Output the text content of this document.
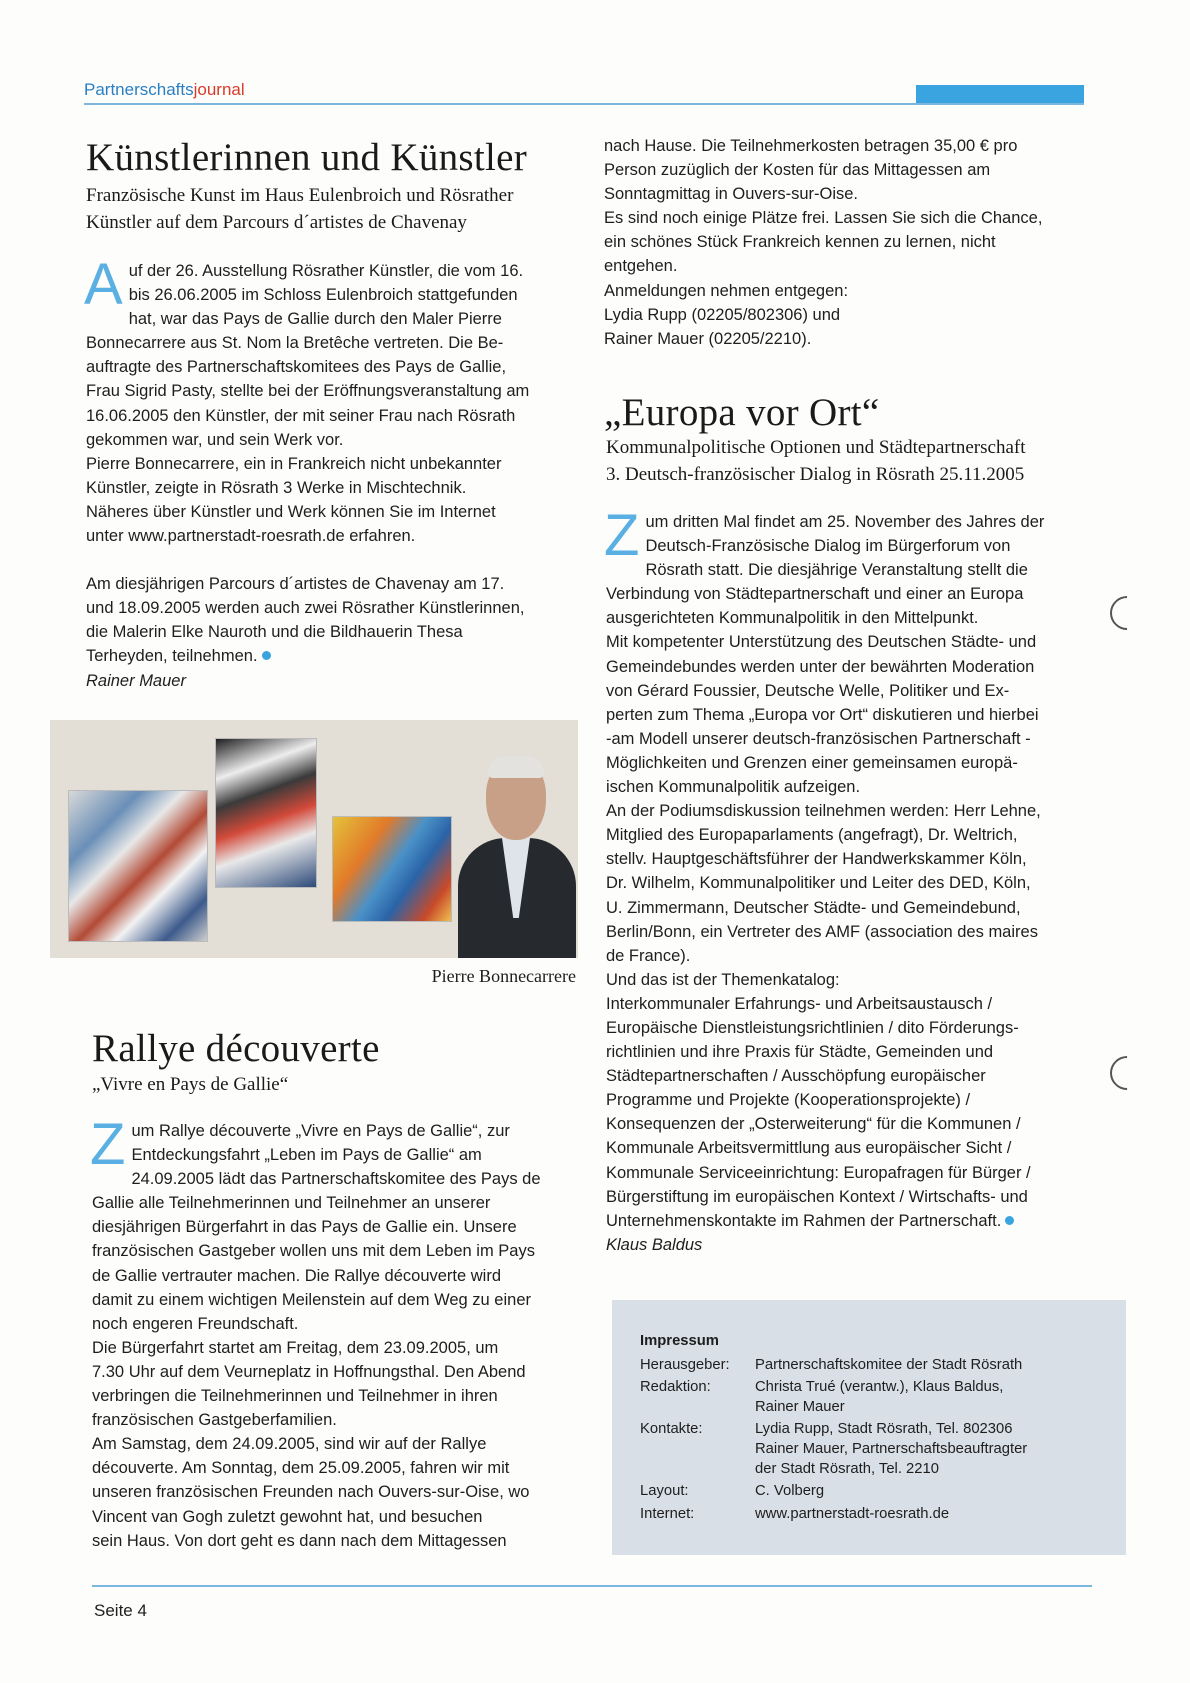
Partnerschaftsjournal
Künstlerinnen und Künstler
Französische Kunst im Haus Eulenbroich und Rösrather
Künstler auf dem Parcours d´artistes de Chavenay
A uf der 26. Ausstellung Rösrather Künstler, die vom 16.
bis 26.06.2005 im Schloss Eulenbroich stattgefunden
hat, war das Pays de Gallie durch den Maler Pierre
Bonnecarrere aus St. Nom la Bretêche vertreten. Die Be-
auftragte des Partnerschaftskomitees des Pays de Gallie,
Frau Sigrid Pasty, stellte bei der Eröffnungsveranstaltung am
16.06.2005 den Künstler, der mit seiner Frau nach Rösrath
gekommen war, und sein Werk vor.
Pierre Bonnecarrere, ein in Frankreich nicht unbekannter
Künstler, zeigte in Rösrath 3 Werke in Mischtechnik.
Näheres über Künstler und Werk können Sie im Internet
unter www.partnerstadt-roesrath.de erfahren.
Am diesjährigen Parcours d´artistes de Chavenay am 17.
und 18.09.2005 werden auch zwei Rösrather Künstlerinnen,
die Malerin Elke Nauroth und die Bildhauerin Thesa
Terheyden, teilnehmen.
Rainer Mauer
Pierre Bonnecarrere
Rallye découverte
„Vivre en Pays de Gallie“
Z um Rallye découverte „Vivre en Pays de Gallie“, zur
Entdeckungsfahrt „Leben im Pays de Gallie“ am
24.09.2005 lädt das Partnerschaftskomitee des Pays de
Gallie alle Teilnehmerinnen und Teilnehmer an unserer
diesjährigen Bürgerfahrt in das Pays de Gallie ein. Unsere
französischen Gastgeber wollen uns mit dem Leben im Pays
de Gallie vertrauter machen. Die Rallye découverte wird
damit zu einem wichtigen Meilenstein auf dem Weg zu einer
noch engeren Freundschaft.
Die Bürgerfahrt startet am Freitag, dem 23.09.2005, um
7.30 Uhr auf dem Veurneplatz in Hoffnungsthal. Den Abend
verbringen die Teilnehmerinnen und Teilnehmer in ihren
französischen Gastgeberfamilien.
Am Samstag, dem 24.09.2005, sind wir auf der Rallye
découverte. Am Sonntag, dem 25.09.2005, fahren wir mit
unseren französischen Freunden nach Ouvers-sur-Oise, wo
Vincent van Gogh zuletzt gewohnt hat, und besuchen
sein Haus. Von dort geht es dann nach dem Mittagessen
nach Hause. Die Teilnehmerkosten betragen 35,00 € pro
Person zuzüglich der Kosten für das Mittagessen am
Sonntagmittag in Ouvers-sur-Oise.
Es sind noch einige Plätze frei. Lassen Sie sich die Chance,
ein schönes Stück Frankreich kennen zu lernen, nicht
entgehen.
Anmeldungen nehmen entgegen:
Lydia Rupp (02205/802306) und
Rainer Mauer (02205/2210).
„Europa vor Ort“
Kommunalpolitische Optionen und Städtepartnerschaft
3. Deutsch-französischer Dialog in Rösrath 25.11.2005
Z um dritten Mal findet am 25. November des Jahres der
Deutsch-Französische Dialog im Bürgerforum von
Rösrath statt. Die diesjährige Veranstaltung stellt die
Verbindung von Städtepartnerschaft und einer an Europa
ausgerichteten Kommunalpolitik in den Mittelpunkt.
Mit kompetenter Unterstützung des Deutschen Städte- und
Gemeindebundes werden unter der bewährten Moderation
von Gérard Foussier, Deutsche Welle, Politiker und Ex-
perten zum Thema „Europa vor Ort“ diskutieren und hierbei
-am Modell unserer deutsch-französischen Partnerschaft -
Möglichkeiten und Grenzen einer gemeinsamen europä-
ischen Kommunalpolitik aufzeigen.
An der Podiumsdiskussion teilnehmen werden: Herr Lehne,
Mitglied des Europaparlaments (angefragt), Dr. Weltrich,
stellv. Hauptgeschäftsführer der Handwerkskammer Köln,
Dr. Wilhelm, Kommunalpolitiker und Leiter des DED, Köln,
U. Zimmermann, Deutscher Städte- und Gemeindebund,
Berlin/Bonn, ein Vertreter des AMF (association des maires
de France).
Und das ist der Themenkatalog:
Interkommunaler Erfahrungs- und Arbeitsaustausch /
Europäische Dienstleistungsrichtlinien / dito Förderungs-
richtlinien und ihre Praxis für Städte, Gemeinden und
Städtepartnerschaften / Ausschöpfung europäischer
Programme und Projekte (Kooperationsprojekte) /
Konsequenzen der „Osterweiterung“ für die Kommunen /
Kommunale Arbeitsvermittlung aus europäischer Sicht /
Kommunale Serviceeinrichtung: Europafragen für Bürger /
Bürgerstiftung im europäischen Kontext / Wirtschafts- und
Unternehmenskontakte im Rahmen der Partnerschaft.
Klaus Baldus
Impressum
Herausgeber:	Partnerschaftskomitee der Stadt Rösrath
Redaktion:	Christa Trué (verantw.), Klaus Baldus,
Rainer Mauer
Kontakte:	Lydia Rupp, Stadt Rösrath, Tel. 802306
Rainer Mauer, Partnerschaftsbeauftragter
der Stadt Rösrath, Tel. 2210
Layout:	C. Volberg
Internet:	www.partnerstadt-roesrath.de
Seite 4
